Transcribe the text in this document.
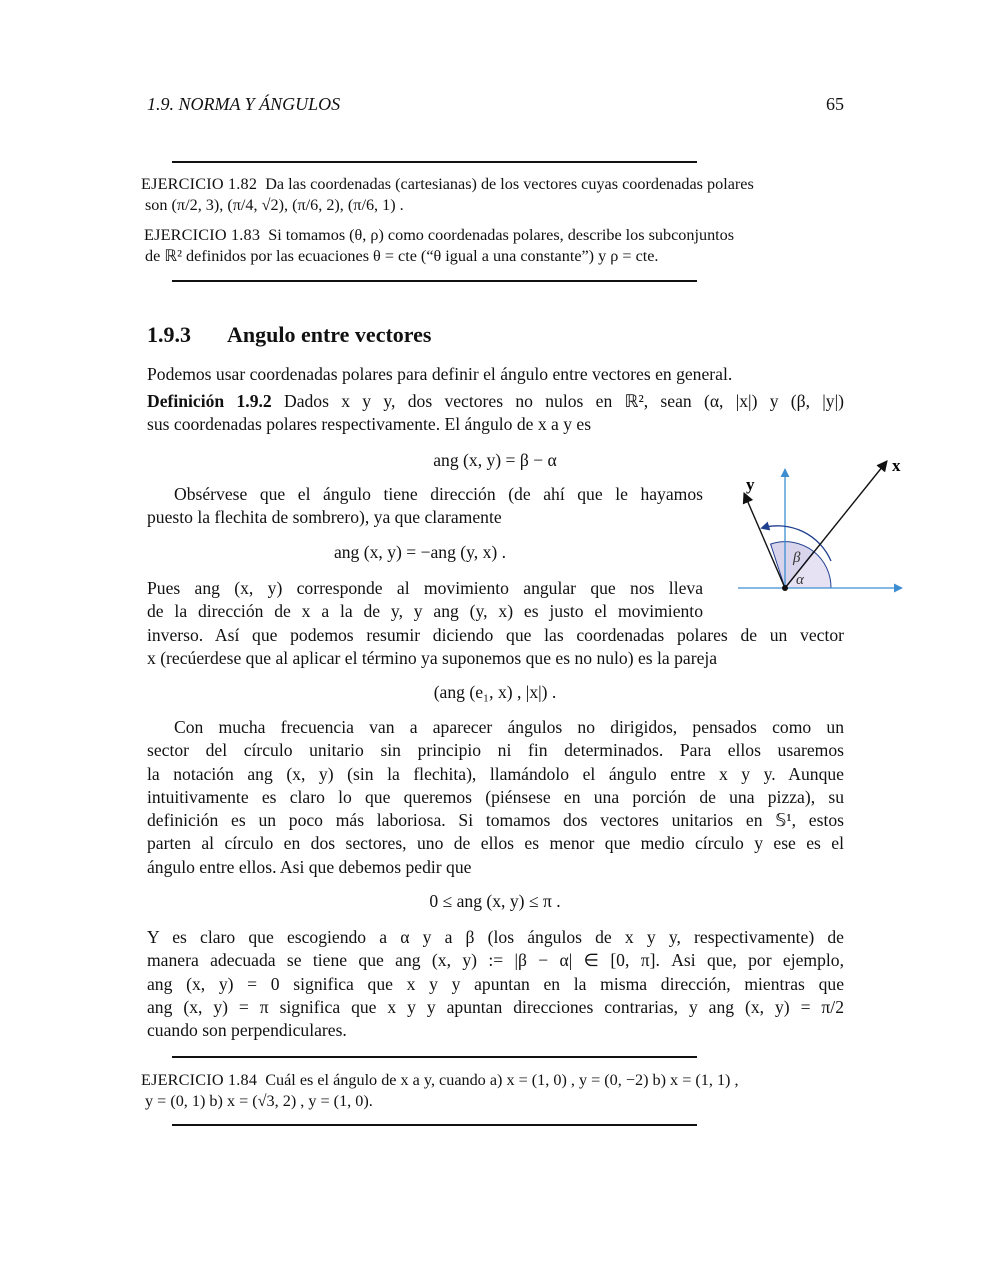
1.9. NORMA Y ÁNGULOS	65
EJERCICIO 1.82 Da las coordenadas (cartesianas) de los vectores cuyas coordenadas polares
son (π/2, 3), (π/4, √2), (π/6, 2), (π/6, 1) .
EJERCICIO 1.83 Si tomamos (θ, ρ) como coordenadas polares, describe los subconjuntos
de ℝ² definidos por las ecuaciones θ = cte (“θ igual a una constante”) y ρ = cte.
1.9.3 Angulo entre vectores
Podemos usar coordenadas polares para definir el ángulo entre vectores en general.
Definición 1.9.2 Dados x y y, dos vectores no nulos en ℝ², sean (α, |x|) y (β, |y|)
sus coordenadas polares respectivamente. El ángulo de x a y es
ang (x, y) = β − α
Obsérvese que el ángulo tiene dirección (de ahí que le hayamos
puesto la flechita de sombrero), ya que claramente
ang (x, y) = −ang (y, x) .
Pues ang (x, y) corresponde al movimiento angular que nos lleva
de la dirección de x a la de y, y ang (y, x) es justo el movimiento
inverso. Así que podemos resumir diciendo que las coordenadas polares de un vector
x (recúerdese que al aplicar el término ya suponemos que es no nulo) es la pareja
(ang (e₁, x) , |x|) .
Con mucha frecuencia van a aparecer ángulos no dirigidos, pensados como un
sector del círculo unitario sin principio ni fin determinados. Para ellos usaremos
la notación ang (x, y) (sin la flechita), llamándolo el ángulo entre x y y. Aunque
intuitivamente es claro lo que queremos (piénsese en una porción de una pizza), su
definición es un poco más laboriosa. Si tomamos dos vectores unitarios en 𝕊¹, estos
parten al círculo en dos sectores, uno de ellos es menor que medio círculo y ese es el
ángulo entre ellos. Asi que debemos pedir que
0 ≤ ang (x, y) ≤ π .
Y es claro que escogiendo a α y a β (los ángulos de x y y, respectivamente) de
manera adecuada se tiene que ang (x, y) := |β − α| ∈ [0, π]. Asi que, por ejemplo,
ang (x, y) = 0 significa que x y y apuntan en la misma dirección, mientras que
ang (x, y) = π significa que x y y apuntan direcciones contrarias, y ang (x, y) = π/2
cuando son perpendiculares.
EJERCICIO 1.84 Cuál es el ángulo de x a y, cuando a) x = (1, 0) , y = (0, −2) b) x = (1, 1) ,
y = (0, 1) b) x = (√3, 2) , y = (1, 0).
x
y
β
α
